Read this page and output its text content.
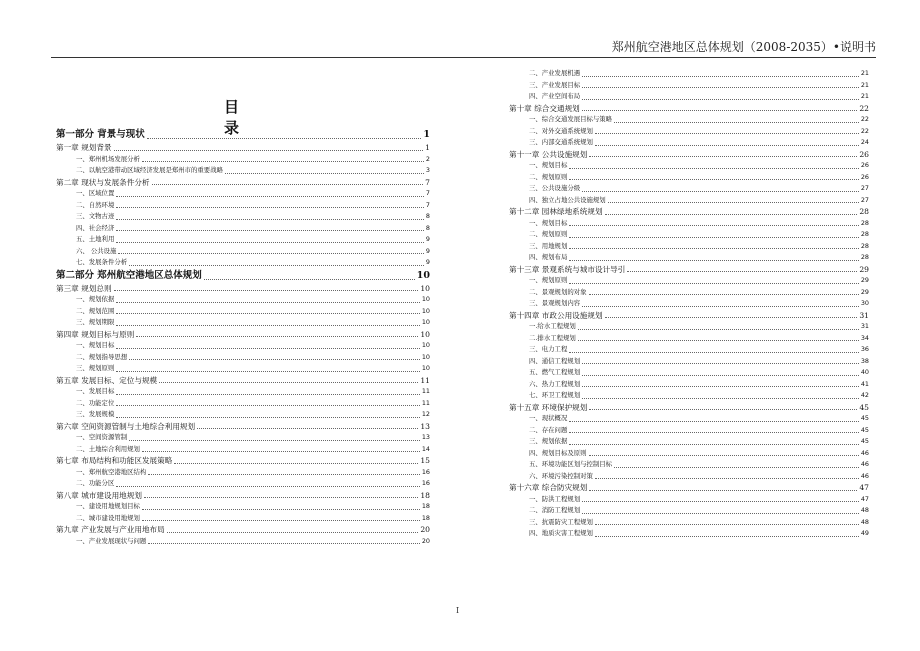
郑州航空港地区总体规划（2008-2035）•说明书
目 录
第一部分 背景与现状	1
第一章 规划背景	1
一、郑州机场发展分析	2
二、以航空港带动区域经济发展是郑州市的重要战略	3
第二章 现状与发展条件分析	7
一、区域位置	7
二、自然环境	7
三、文物古迹	8
四、社会经济	8
五、土地利用	9
六、 公共设施	9
七、发展条件分析	9
第二部分 郑州航空港地区总体规划	10
第三章 规划总则	10
一、规划依据	10
二、规划范围	10
三、规划期限	10
第四章 规划目标与原则	10
一、规划目标	10
二、规划指导思想	10
三、规划原则	10
第五章 发展目标、定位与规模	11
一、发展目标	11
二、功能定位	11
三、发展规模	12
第六章 空间资源管制与土地综合利用规划	13
一、空间资源管制	13
二、土地综合利用规划	14
第七章 布局结构和功能区发展策略	15
一、郑州航空港地区结构	16
二、功能分区	16
第八章 城市建设用地规划	18
一、建设用地规划目标	18
二、城市建设用地规划	18
第九章 产业发展与产业用地布局	20
一、产业发展现状与问题	20
二、产业发展机遇	21
三、产业发展目标	21
四、产业空间布局	21
第十章 综合交通规划	22
一、综合交通发展目标与策略	22
二、对外交通系统规划	22
三、内部交通系统规划	24
第十一章 公共设施规划	26
一、规划目标	26
二、规划原则	26
三、公共设施分级	27
四、独立占地公共设施规划	27
第十二章 园林绿地系统规划	28
一、规划目标	28
二、规划原则	28
三、用地规划	28
四、规划布局	28
第十三章 景观系统与城市设计导引	29
一、规划原则	29
二、景观规划的对象	29
三、景观规划内容	30
第十四章 市政公用设施规划	31
一.给水工程规划	31
二.排水工程规划	34
三、电力工程	36
四、通信工程规划	38
五、燃气工程规划	40
六、热力工程规划	41
七、环卫工程规划	42
第十五章 环境保护规划	45
一、现状概况	45
二、存在问题	45
三、规划依据	45
四、规划目标及原则	46
五、环境功能区划与控制目标	46
六、环境污染控制对策	46
第十六章 综合防灾规划	47
一、防洪工程规划	47
二、消防工程规划	48
三、抗震防灾工程规划	48
四、地质灾害工程规划	49
I
